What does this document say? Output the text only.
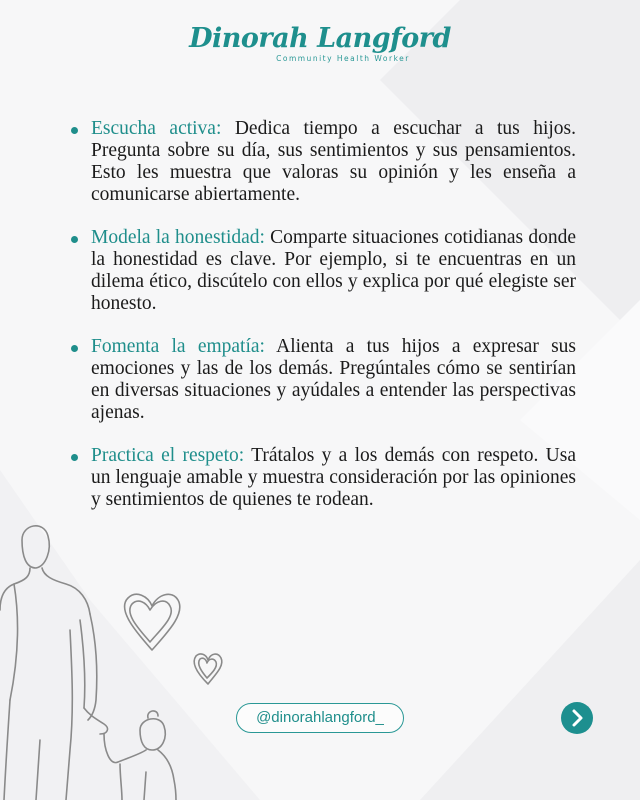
Dinorah Langford
Community Health Worker

Escucha activa: Dedica tiempo a escuchar a tus hijos. Pregunta sobre su día, sus sentimientos y sus pensamientos. Esto les muestra que valoras su opinión y les enseña a comunicarse abiertamente.

Modela la honestidad: Comparte situaciones cotidianas donde la honestidad es clave. Por ejemplo, si te encuentras en un dilema ético, discútelo con ellos y explica por qué elegiste ser honesto.

Fomenta la empatía: Alienta a tus hijos a expresar sus emociones y las de los demás. Pregúntales cómo se sentirían en diversas situaciones y ayúdales a entender las perspectivas ajenas.

Practica el respeto: Trátalos y a los demás con respeto. Usa un lenguaje amable y muestra consideración por las opiniones y sentimientos de quienes te rodean.

@dinorahlangford_
